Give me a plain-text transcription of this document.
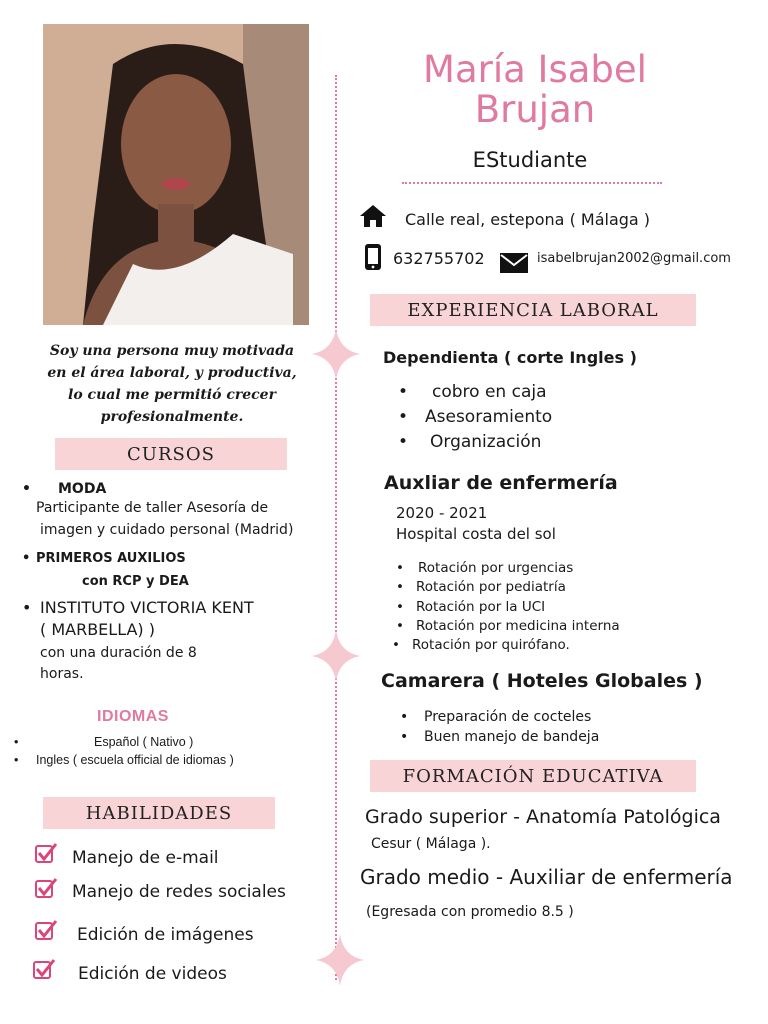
María Isabel
Brujan
EStudiante
Calle real, estepona ( Málaga )
632755702	isabelbrujan2002@gmail.com
Soy una persona muy motivada
en el área laboral, y productiva,
lo cual me permitió crecer
profesionalmente.
CURSOS
• MODA
Participante de taller Asesoría de
imagen y cuidado personal (Madrid)
• PRIMEROS AUXILIOS
con RCP y DEA
• INSTITUTO VICTORIA KENT
( MARBELLA) )
con una duración de 8
horas.
IDIOMAS
•	Español ( Nativo )
• Ingles ( escuela official de idiomas )
HABILIDADES
Manejo de e-mail
Manejo de redes sociales
Edición de imágenes
Edición de videos
EXPERIENCIA LABORAL
Dependienta ( corte Ingles )
• cobro en caja
• Asesoramiento
• Organización
Auxliar de enfermería
2020 - 2021
Hospital costa del sol
• Rotación por urgencias
• Rotación por pediatría
• Rotación por la UCI
• Rotación por medicina interna
• Rotación por quirófano.
Camarera ( Hoteles Globales )
• Preparación de cocteles
• Buen manejo de bandeja
FORMACIÓN EDUCATIVA
Grado superior - Anatomía Patológica
Cesur ( Málaga ).
Grado medio - Auxiliar de enfermería
(Egresada con promedio 8.5 )
